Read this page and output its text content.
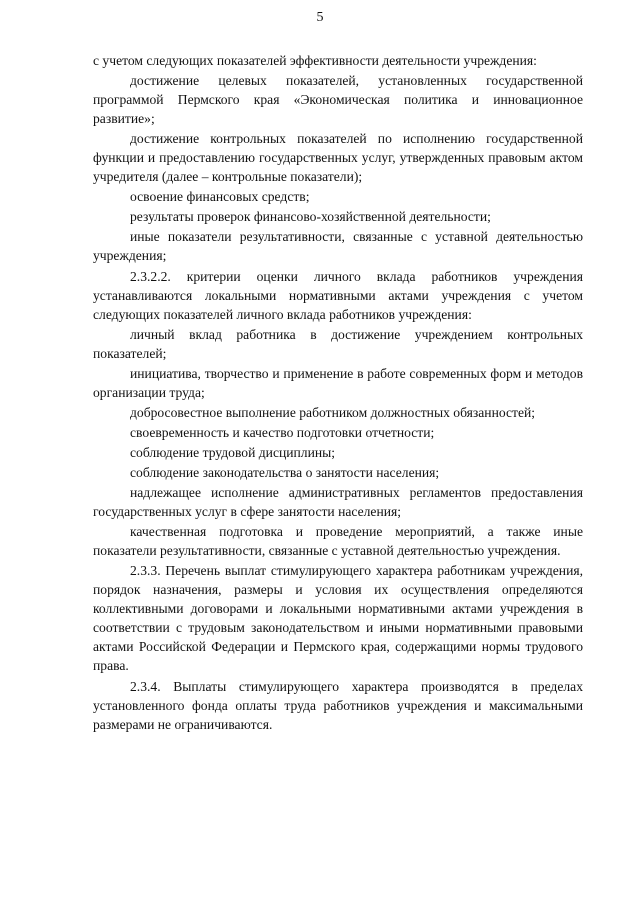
5

с учетом следующих показателей эффективности деятельности учреждения:

достижение целевых показателей, установленных государственной программой Пермского края «Экономическая политика и инновационное развитие»;

достижение контрольных показателей по исполнению государственной функции и предоставлению государственных услуг, утвержденных правовым актом учредителя (далее – контрольные показатели);

освоение финансовых средств;

результаты проверок финансово-хозяйственной деятельности;

иные показатели результативности, связанные с уставной деятельностью учреждения;

2.3.2.2. критерии оценки личного вклада работников учреждения устанавливаются локальными нормативными актами учреждения с учетом следующих показателей личного вклада работников учреждения:

личный вклад работника в достижение учреждением контрольных показателей;

инициатива, творчество и применение в работе современных форм и методов организации труда;

добросовестное выполнение работником должностных обязанностей;

своевременность и качество подготовки отчетности;

соблюдение трудовой дисциплины;

соблюдение законодательства о занятости населения;

надлежащее исполнение административных регламентов предоставления государственных услуг в сфере занятости населения;

качественная подготовка и проведение мероприятий, а также иные показатели результативности, связанные с уставной деятельностью учреждения.

2.3.3. Перечень выплат стимулирующего характера работникам учреждения, порядок назначения, размеры и условия их осуществления определяются коллективными договорами и локальными нормативными актами учреждения в соответствии с трудовым законодательством и иными нормативными правовыми актами Российской Федерации и Пермского края, содержащими нормы трудового права.

2.3.4. Выплаты стимулирующего характера производятся в пределах установленного фонда оплаты труда работников учреждения и максимальными размерами не ограничиваются.
